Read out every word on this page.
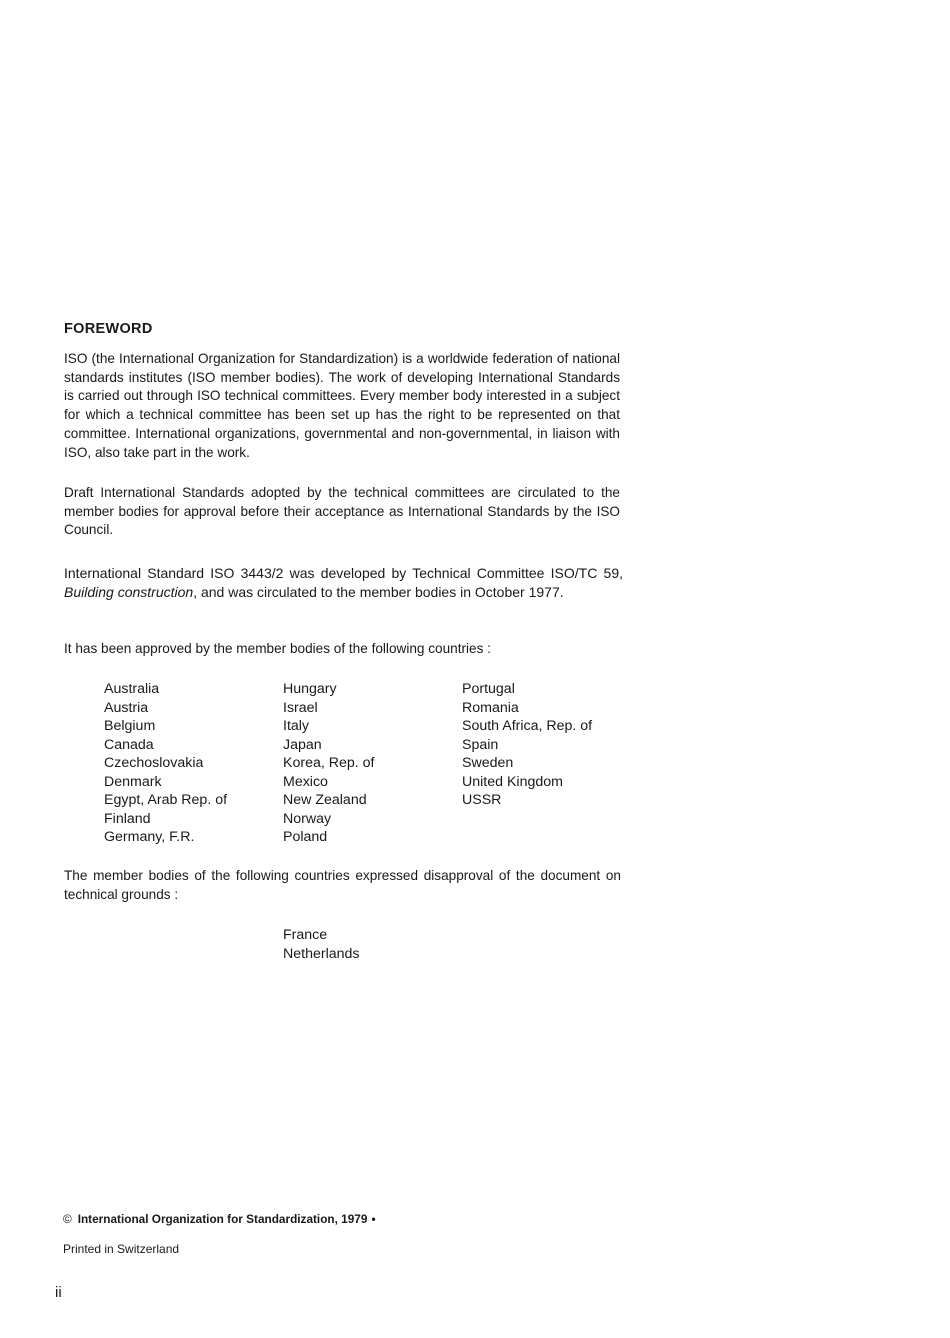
FOREWORD

ISO (the International Organization for Standardization) is a worldwide federation of national standards institutes (ISO member bodies). The work of developing International Standards is carried out through ISO technical committees. Every member body interested in a subject for which a technical committee has been set up has the right to be represented on that committee. International organizations, governmental and non-governmental, in liaison with ISO, also take part in the work.

Draft International Standards adopted by the technical committees are circulated to the member bodies for approval before their acceptance as International Standards by the ISO Council.

International Standard ISO 3443/2 was developed by Technical Committee ISO/TC 59, Building construction, and was circulated to the member bodies in October 1977.

It has been approved by the member bodies of the following countries :

Australia
Austria
Belgium
Canada
Czechoslovakia
Denmark
Egypt, Arab Rep. of
Finland
Germany, F.R.
Hungary
Israel
Italy
Japan
Korea, Rep. of
Mexico
New Zealand
Norway
Poland
Portugal
Romania
South Africa, Rep. of
Spain
Sweden
United Kingdom
USSR

The member bodies of the following countries expressed disapproval of the document on technical grounds :

France
Netherlands
© International Organization for Standardization, 1979 •
Printed in Switzerland
ii
